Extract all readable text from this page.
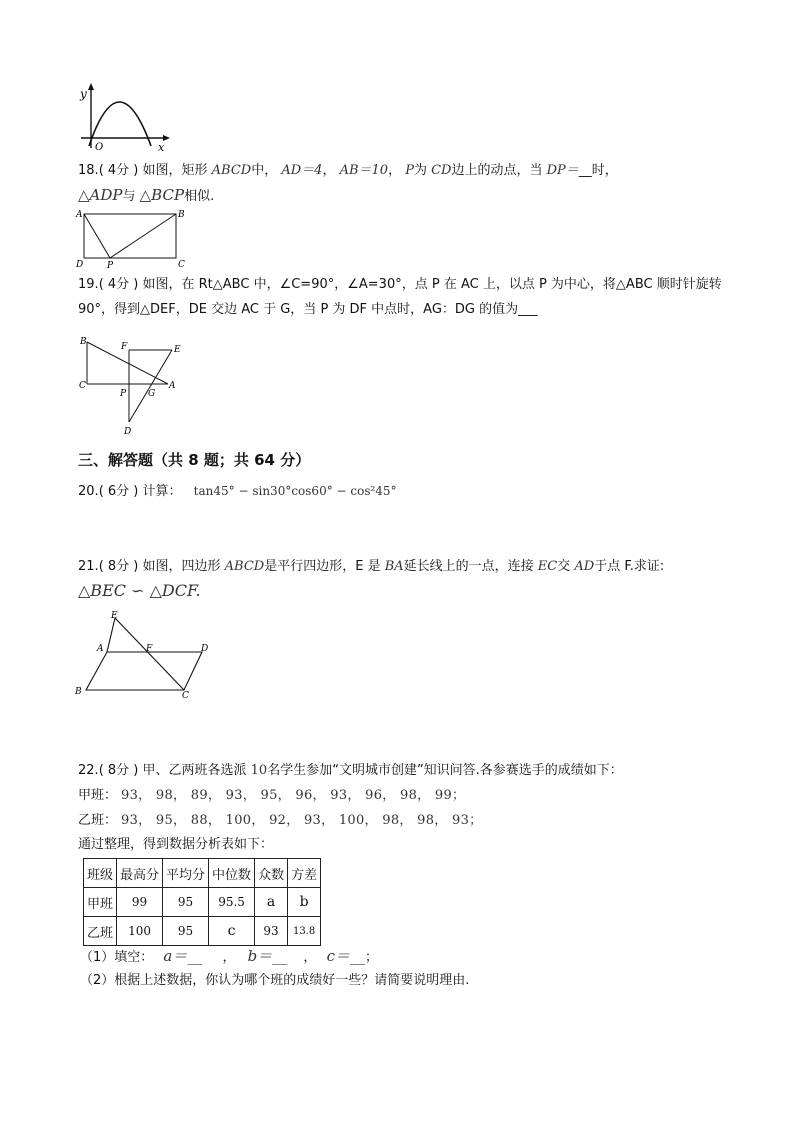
y
O	x
18.( 4分 ) 如图，矩形 ABCD中， AD＝4， AB＝10， P为 CD边上的动点，当 DP＝__时，
△ADP与 △BCP相似.
A	B
C
D	P
19.( 4分 ) 如图，在 Rt△ABC 中，∠C=90°，∠A=30°，点 P 在 AC 上，以点 P 为中心，将△ABC 顺时针旋转
90°，得到△DEF，DE 交边 AC 于 G，当 P 为 DF 中点时，AG：DG 的值为___
B	F	E
C
P G
A
D
三、解答题（共 8 题；共 64 分）
20.( 6分 ) 计算： tan45° − sin30°cos60° − cos²45°
21.( 8分 ) 如图，四边形 ABCD是平行四边形，E 是 BA延长线上的一点，连接 EC交 AD于点 F.求证:
△BEC ∽ △DCF.
E
A	F	D
B	C
22.( 8分 ) 甲、乙两班各选派 10名学生参加“文明城市创建”知识问答.各参赛选手的成绩如下：
甲班： 93， 98， 89， 93， 95， 96， 93， 96， 98， 99；
乙班： 93， 95， 88， 100， 92， 93， 100， 98， 98， 93；
通过整理，得到数据分析表如下：
班级	最高分	平均分	中位数	众数	方差
甲班	99	95	95.5	a	b
乙班	100	95	c	93	13.8
（1）填空： a＝__ ， b＝__ ， c＝__；
（2）根据上述数据，你认为哪个班的成绩好一些？请简要说明理由.
